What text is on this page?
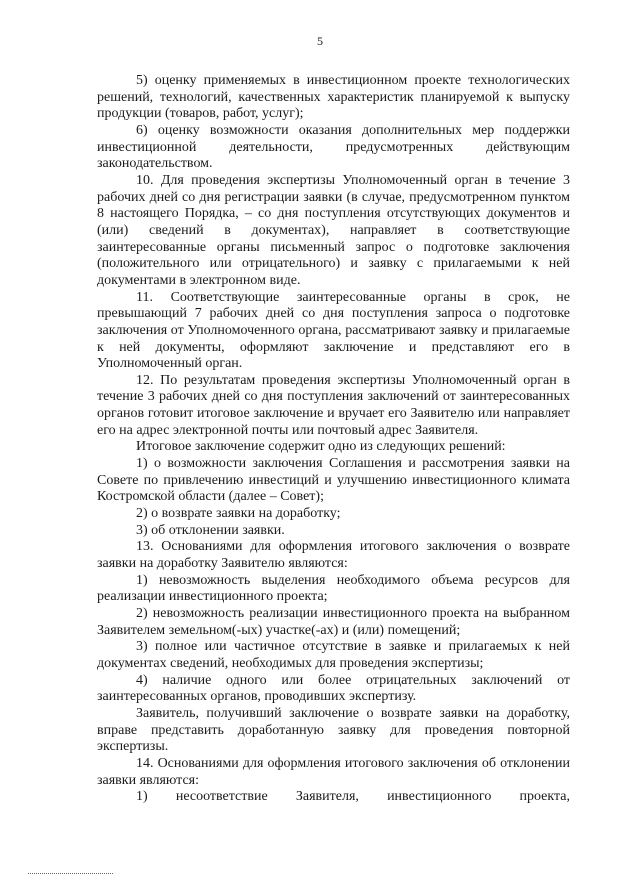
5

5) оценку применяемых в инвестиционном проекте технологических решений, технологий, качественных характеристик планируемой к выпуску продукции (товаров, работ, услуг);

6) оценку возможности оказания дополнительных мер поддержки инвестиционной деятельности, предусмотренных действующим законодательством.

10. Для проведения экспертизы Уполномоченный орган в течение 3 рабочих дней со дня регистрации заявки (в случае, предусмотренном пунктом 8 настоящего Порядка, – со дня поступления отсутствующих документов и (или) сведений в документах), направляет в соответствующие заинтересованные органы письменный запрос о подготовке заключения (положительного или отрицательного) и заявку с прилагаемыми к ней документами в электронном виде.

11. Соответствующие заинтересованные органы в срок, не превышающий 7 рабочих дней со дня поступления запроса о подготовке заключения от Уполномоченного органа, рассматривают заявку и прилагаемые к ней документы, оформляют заключение и представляют его в Уполномоченный орган.

12. По результатам проведения экспертизы Уполномоченный орган в течение 3 рабочих дней со дня поступления заключений от заинтересованных органов готовит итоговое заключение и вручает его Заявителю или направляет его на адрес электронной почты или почтовый адрес Заявителя.

Итоговое заключение содержит одно из следующих решений:

1) о возможности заключения Соглашения и рассмотрения заявки на Совете по привлечению инвестиций и улучшению инвестиционного климата Костромской области (далее – Совет);

2) о возврате заявки на доработку;

3) об отклонении заявки.

13. Основаниями для оформления итогового заключения о возврате заявки на доработку Заявителю являются:

1) невозможность выделения необходимого объема ресурсов для реализации инвестиционного проекта;

2) невозможность реализации инвестиционного проекта на выбранном Заявителем земельном(-ых) участке(-ах) и (или) помещений;

3) полное или частичное отсутствие в заявке и прилагаемых к ней документах сведений, необходимых для проведения экспертизы;

4) наличие одного или более отрицательных заключений от заинтересованных органов, проводивших экспертизу.

Заявитель, получивший заключение о возврате заявки на доработку, вправе представить доработанную заявку для проведения повторной экспертизы.

14. Основаниями для оформления итогового заключения об отклонении заявки являются:

1) несоответствие Заявителя, инвестиционного проекта,
